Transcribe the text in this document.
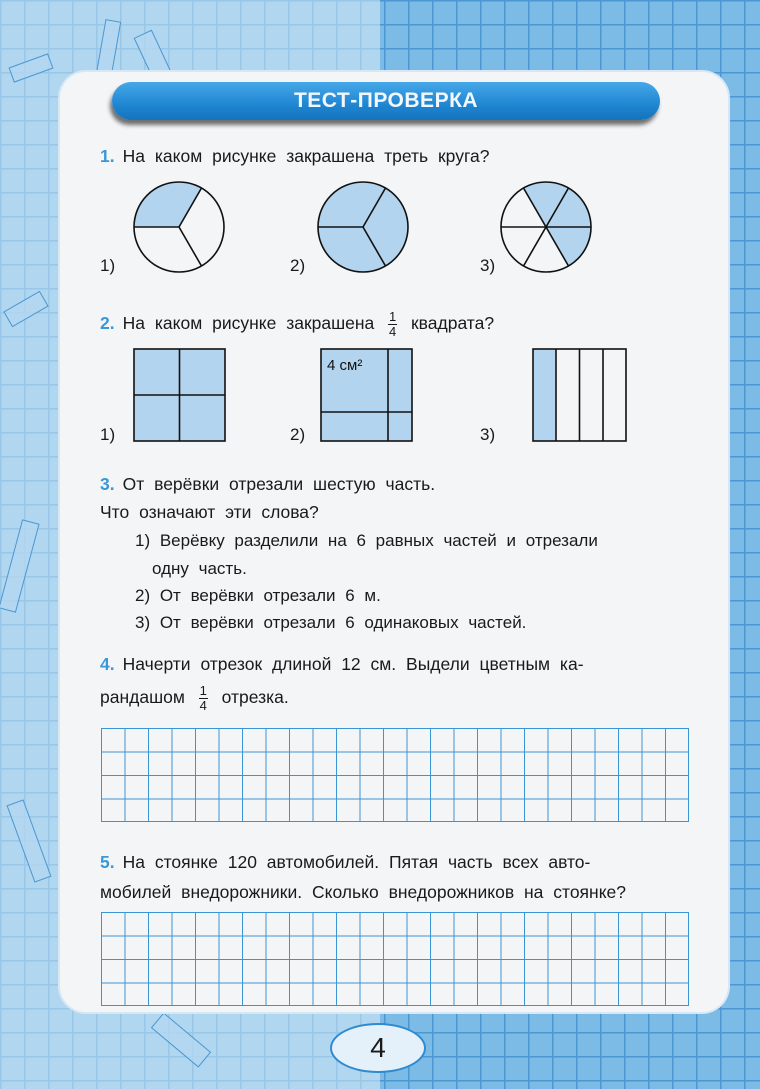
ТЕСТ-ПРОВЕРКА
1. На каком рисунке закрашена треть круга?
1)	2)	3)
2. На каком рисунке закрашена $\frac{1}{4}$ квадрата?
1)	2)
4 см²
3)
3. От верёвки отрезали шестую часть.
Что означают эти слова?
1) Верёвку разделили на 6 равных частей и отрезали
одну часть.
2) От верёвки отрезали 6 м.
3) От верёвки отрезали 6 одинаковых частей.
4. Начерти отрезок длиной 12 см. Выдели цветным ка-
рандашом $\frac{1}{4}$ отрезка.
5. На стоянке 120 автомобилей. Пятая часть всех авто-
мобилей внедорожники. Сколько внедорожников на стоянке?
4
